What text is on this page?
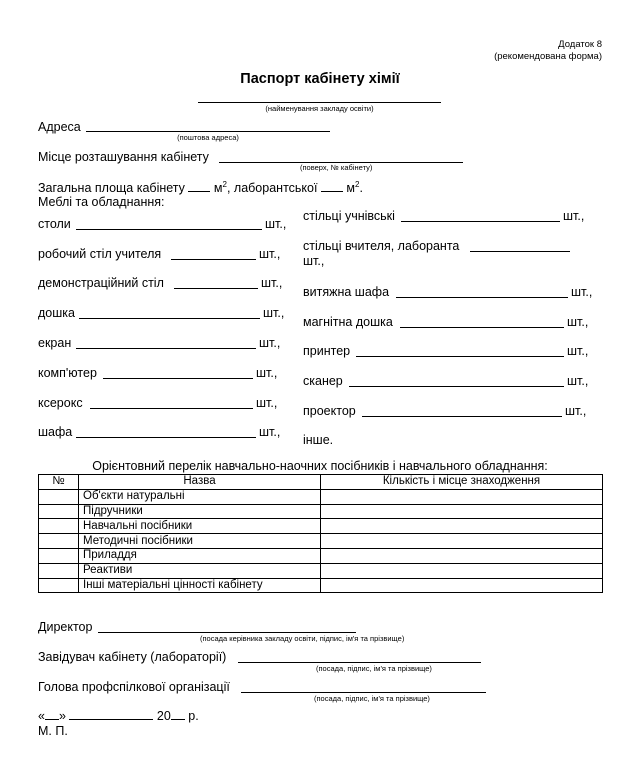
Додаток 8
(рекомендована форма)
Паспорт кабінету хімії
(найменування закладу освіти)
Адреса
(поштова адреса)
Місце розташування кабінету
(поверх, № кабінету)
Загальна площа кабінету $м^2$, лаборантської $м^2$.
Меблі та обладнання:
столи	шт.,
робочий стіл учителя	шт.,
демонстраційний стіл	шт.,
дошка	шт.,
екран	шт.,
комп'ютер	шт.,
ксерокс	шт.,
шафа	шт.,
стільці учнівські	шт.,
стільці вчителя, лаборанта
шт.,
витяжна шафа	шт.,
магнітна дошка	шт.,
принтер	шт.,
сканер	шт.,
проектор	шт.,
інше.
Орієнтовний перелік навчально-наочних посібників і навчального обладнання:
№	Назва	Кількість і місце знаходження
	Об'єкти натуральні	
	Підручники	
	Навчальні посібники	
	Методичні посібники	
	Приладдя	
	Реактиви	
	Інші матеріальні цінності кабінету	
Директор
(посада керівника закладу освіти, підпис, ім'я та прізвище)
Завідувач кабінету (лабораторії)
(посада, підпис, ім'я та прізвище)
Голова профспілкової організації
(посада, підпис, ім'я та прізвище)
« »	20 р.
М. П.
